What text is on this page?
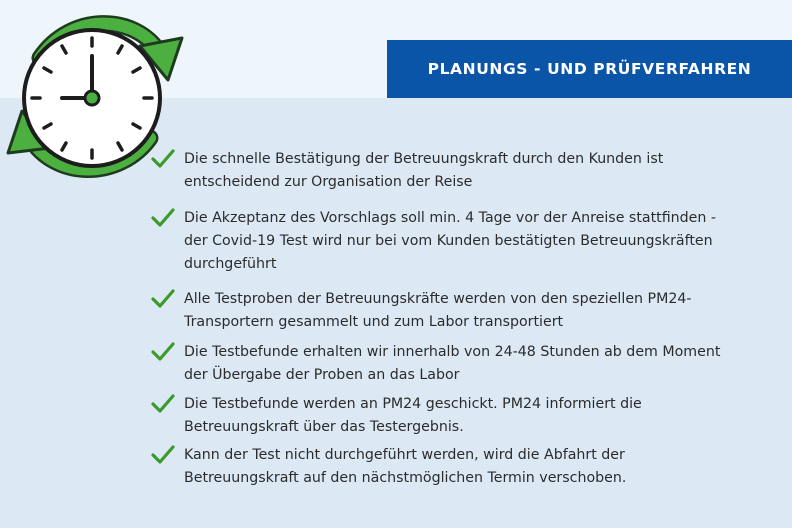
PLANUNGS - UND PRÜFVERFAHREN
Die schnelle Bestätigung der Betreuungskraft durch den Kunden ist
entscheidend zur Organisation der Reise
Die Akzeptanz des Vorschlags soll min. 4 Tage vor der Anreise stattfinden -
der Covid-19 Test wird nur bei vom Kunden bestätigten Betreuungskräften
durchgeführt
Alle Testproben der Betreuungskräfte werden von den speziellen PM24-
Transportern gesammelt und zum Labor transportiert
Die Testbefunde erhalten wir innerhalb von 24-48 Stunden ab dem Moment
der Übergabe der Proben an das Labor
Die Testbefunde werden an PM24 geschickt. PM24 informiert die
Betreuungskraft über das Testergebnis.
Kann der Test nicht durchgeführt werden, wird die Abfahrt der
Betreuungskraft auf den nächstmöglichen Termin verschoben.
